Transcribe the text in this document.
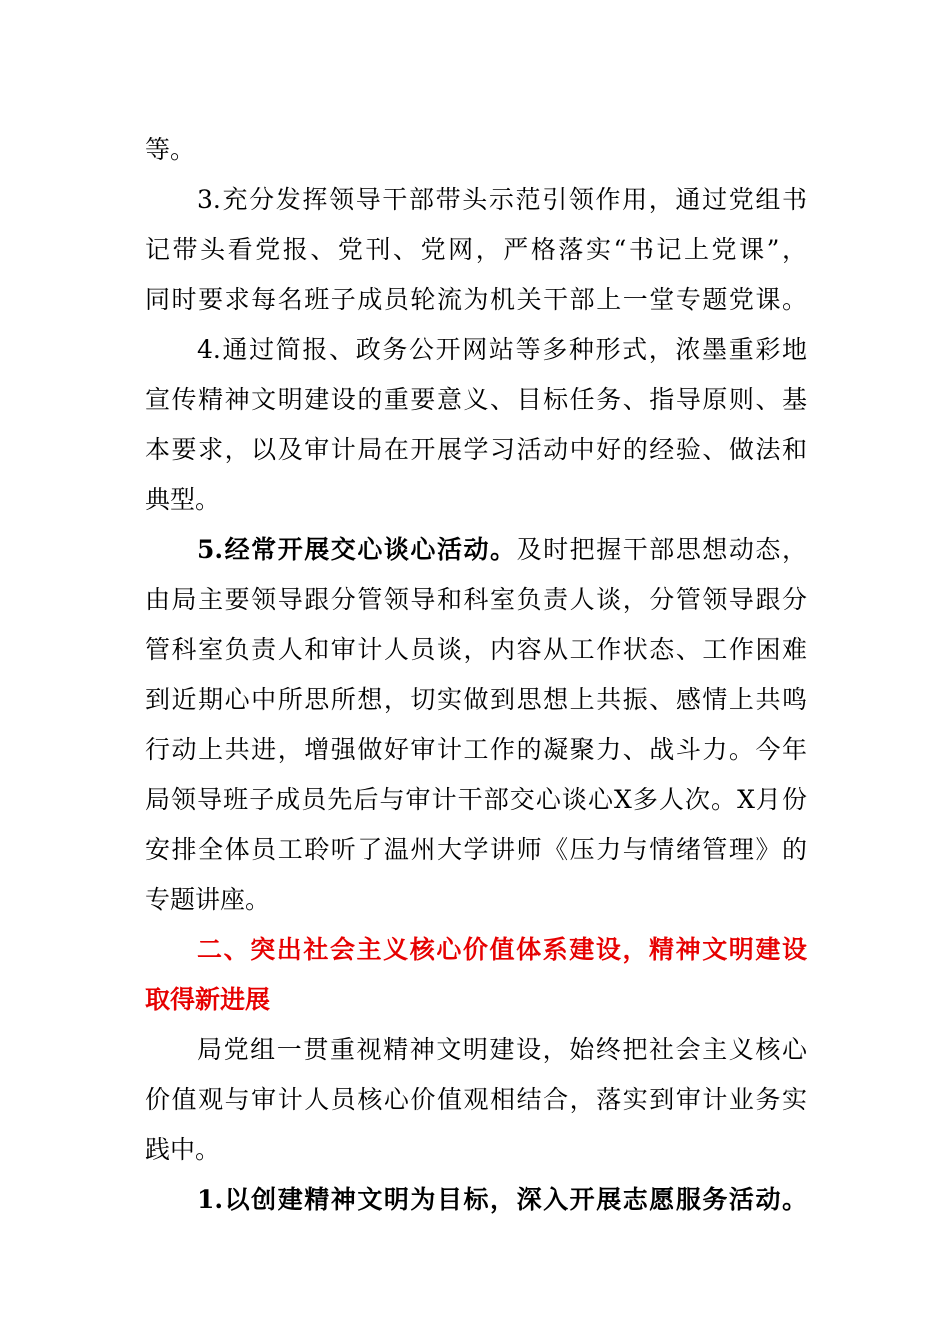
等。
3.充分发挥领导干部带头示范引领作用，通过党组书
记带头看党报、党刊、党网，严格落实“书记上党课”，
同时要求每名班子成员轮流为机关干部上一堂专题党课。
4.通过简报、政务公开网站等多种形式，浓墨重彩地
宣传精神文明建设的重要意义、目标任务、指导原则、基
本要求，以及审计局在开展学习活动中好的经验、做法和
典型。
5.经常开展交心谈心活动。及时把握干部思想动态，
由局主要领导跟分管领导和科室负责人谈，分管领导跟分
管科室负责人和审计人员谈，内容从工作状态、工作困难
到近期心中所思所想，切实做到思想上共振、感情上共鸣
行动上共进，增强做好审计工作的凝聚力、战斗力。今年
局领导班子成员先后与审计干部交心谈心X多人次。X月份
安排全体员工聆听了温州大学讲师《压力与情绪管理》的
专题讲座。
二、突出社会主义核心价值体系建设，精神文明建设
取得新进展
局党组一贯重视精神文明建设，始终把社会主义核心
价值观与审计人员核心价值观相结合，落实到审计业务实
践中。
1.以创建精神文明为目标，深入开展志愿服务活动。
